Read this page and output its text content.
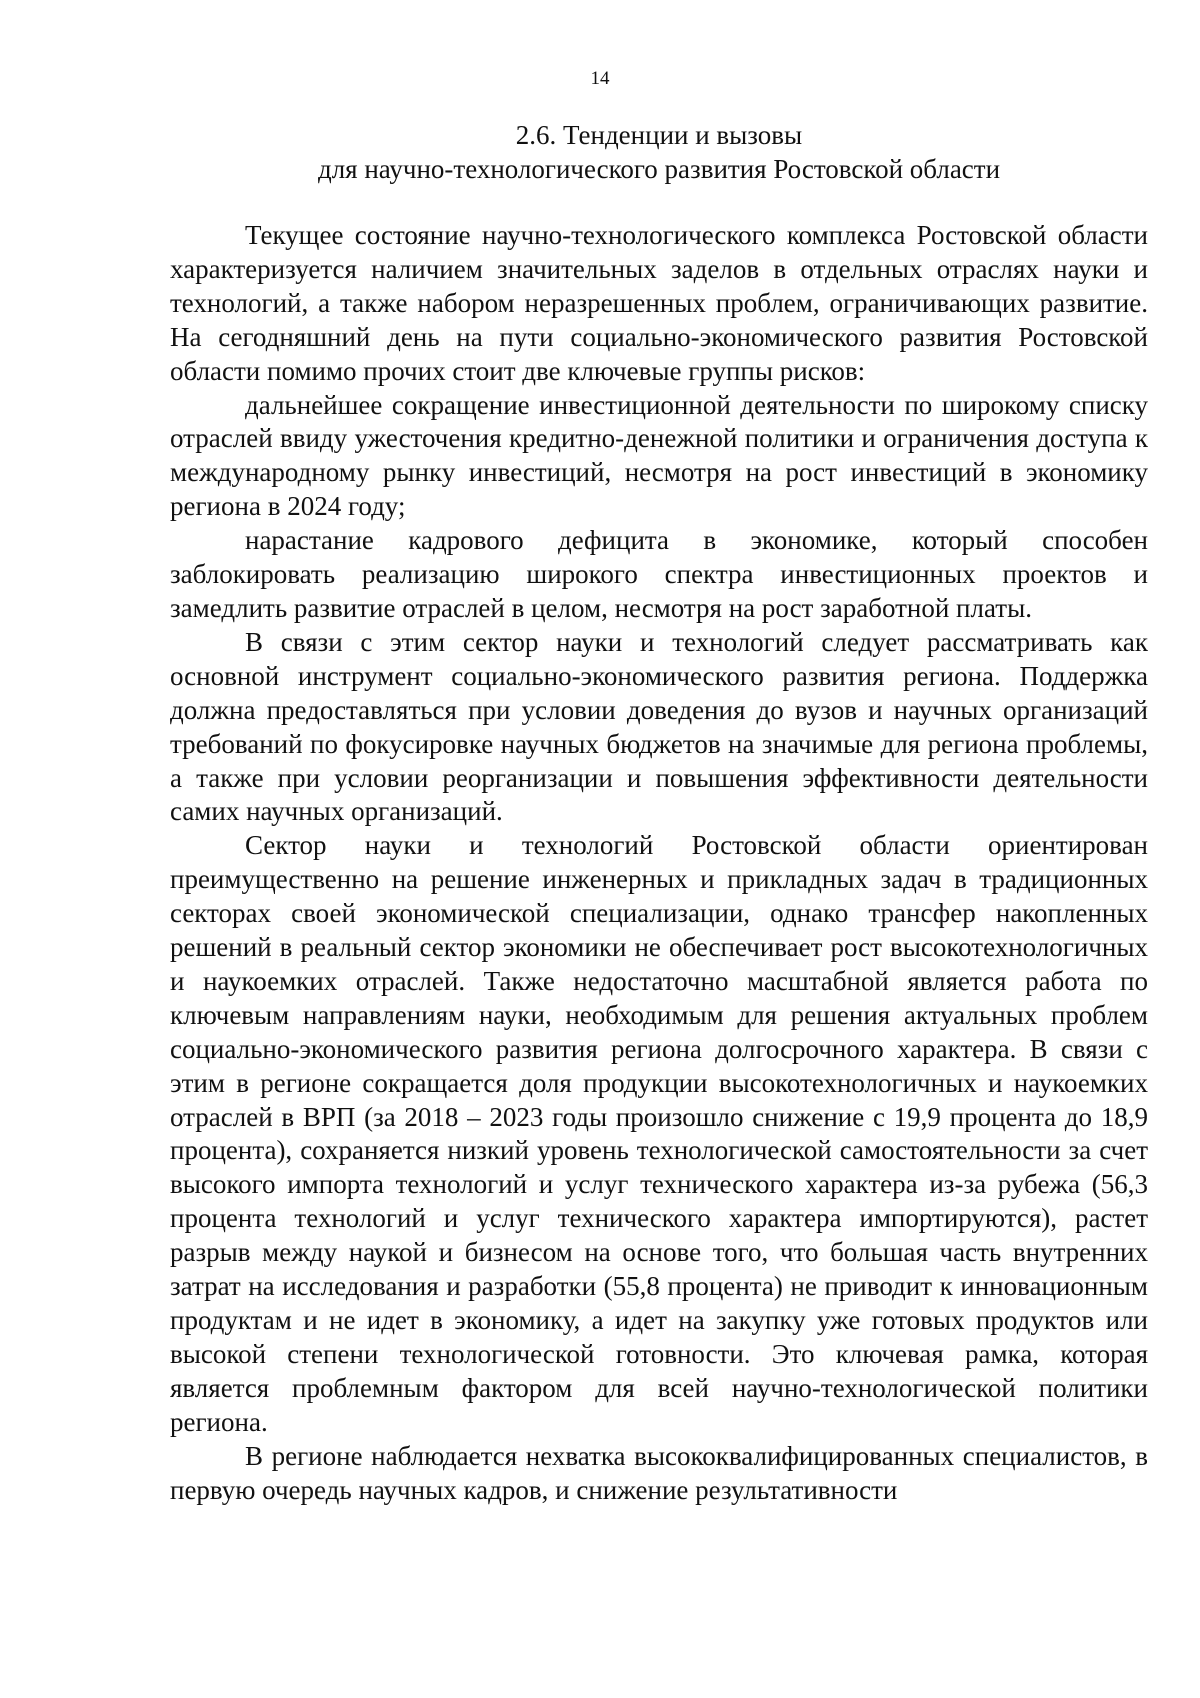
14
2.6. Тенденции и вызовы
для научно-технологического развития Ростовской области

Текущее состояние научно-технологического комплекса Ростовской области характеризуется наличием значительных заделов в отдельных отраслях науки и технологий, а также набором неразрешенных проблем, ограничивающих развитие. На сегодняшний день на пути социально-экономического развития Ростовской области помимо прочих стоит две ключевые группы рисков:

дальнейшее сокращение инвестиционной деятельности по широкому списку отраслей ввиду ужесточения кредитно-денежной политики и ограничения доступа к международному рынку инвестиций, несмотря на рост инвестиций в экономику региона в 2024 году;

нарастание кадрового дефицита в экономике, который способен заблокировать реализацию широкого спектра инвестиционных проектов и замедлить развитие отраслей в целом, несмотря на рост заработной платы.

В связи с этим сектор науки и технологий следует рассматривать как основной инструмент социально-экономического развития региона. Поддержка должна предоставляться при условии доведения до вузов и научных организаций требований по фокусировке научных бюджетов на значимые для региона проблемы, а также при условии реорганизации и повышения эффективности деятельности самих научных организаций.

Сектор науки и технологий Ростовской области ориентирован преимущественно на решение инженерных и прикладных задач в традиционных секторах своей экономической специализации, однако трансфер накопленных решений в реальный сектор экономики не обеспечивает рост высокотехнологичных и наукоемких отраслей. Также недостаточно масштабной является работа по ключевым направлениям науки, необходимым для решения актуальных проблем социально-экономического развития региона долгосрочного характера. В связи с этим в регионе сокращается доля продукции высокотехнологичных и наукоемких отраслей в ВРП (за 2018 – 2023 годы произошло снижение с 19,9 процента до 18,9 процента), сохраняется низкий уровень технологической самостоятельности за счет высокого импорта технологий и услуг технического характера из-за рубежа (56,3 процента технологий и услуг технического характера импортируются), растет разрыв между наукой и бизнесом на основе того, что большая часть внутренних затрат на исследования и разработки (55,8 процента) не приводит к инновационным продуктам и не идет в экономику, а идет на закупку уже готовых продуктов или высокой степени технологической готовности. Это ключевая рамка, которая является проблемным фактором для всей научно-технологической политики региона.

В регионе наблюдается нехватка высококвалифицированных специалистов, в первую очередь научных кадров, и снижение результативности
